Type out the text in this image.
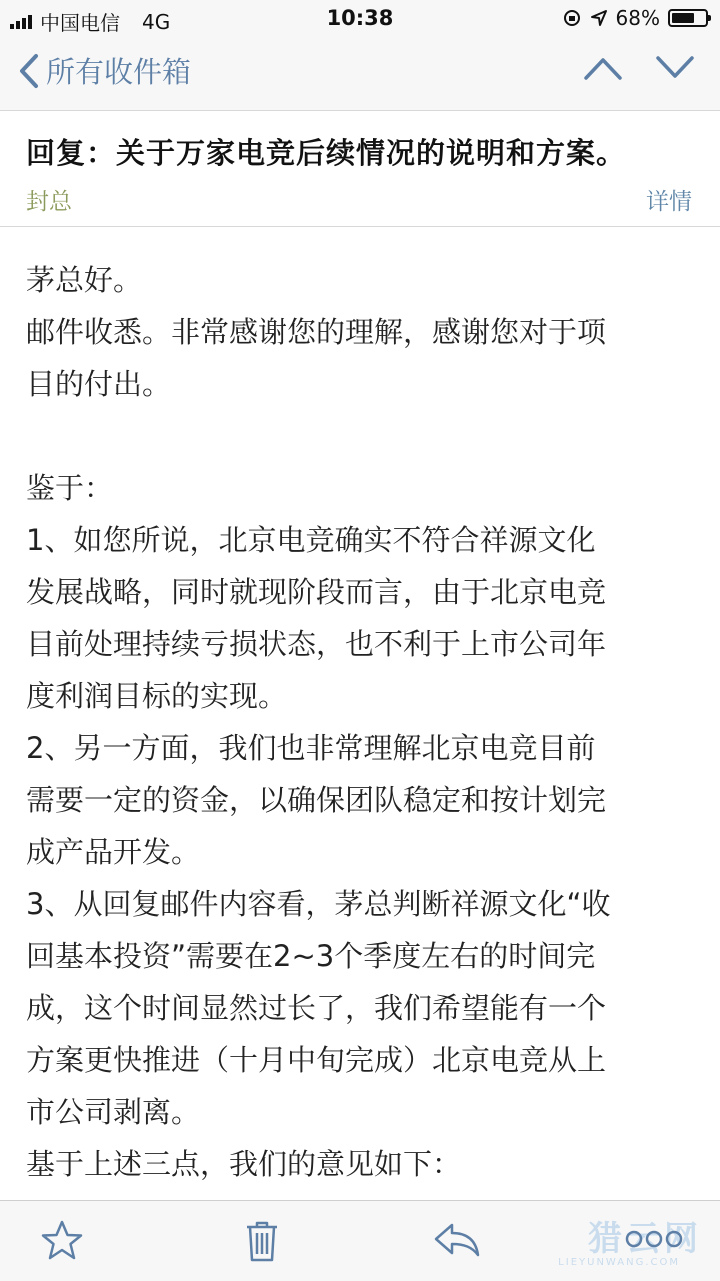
中国电信 4G	10:38	68%
所有收件箱
回复：关于万家电竞后续情况的说明和方案。
封总	详情
茅总好。
邮件收悉。非常感谢您的理解，感谢您对于项
目的付出。
鉴于：
1、如您所说，北京电竞确实不符合祥源文化
发展战略，同时就现阶段而言，由于北京电竞
目前处理持续亏损状态，也不利于上市公司年
度利润目标的实现。
2、另一方面，我们也非常理解北京电竞目前
需要一定的资金，以确保团队稳定和按计划完
成产品开发。
3、从回复邮件内容看，茅总判断祥源文化“收
回基本投资”需要在2~3个季度左右的时间完
成，这个时间显然过长了，我们希望能有一个
方案更快推进（十月中旬完成）北京电竞从上
市公司剥离。
基于上述三点，我们的意见如下：
猎云网
LIEYUNWANG.COM
